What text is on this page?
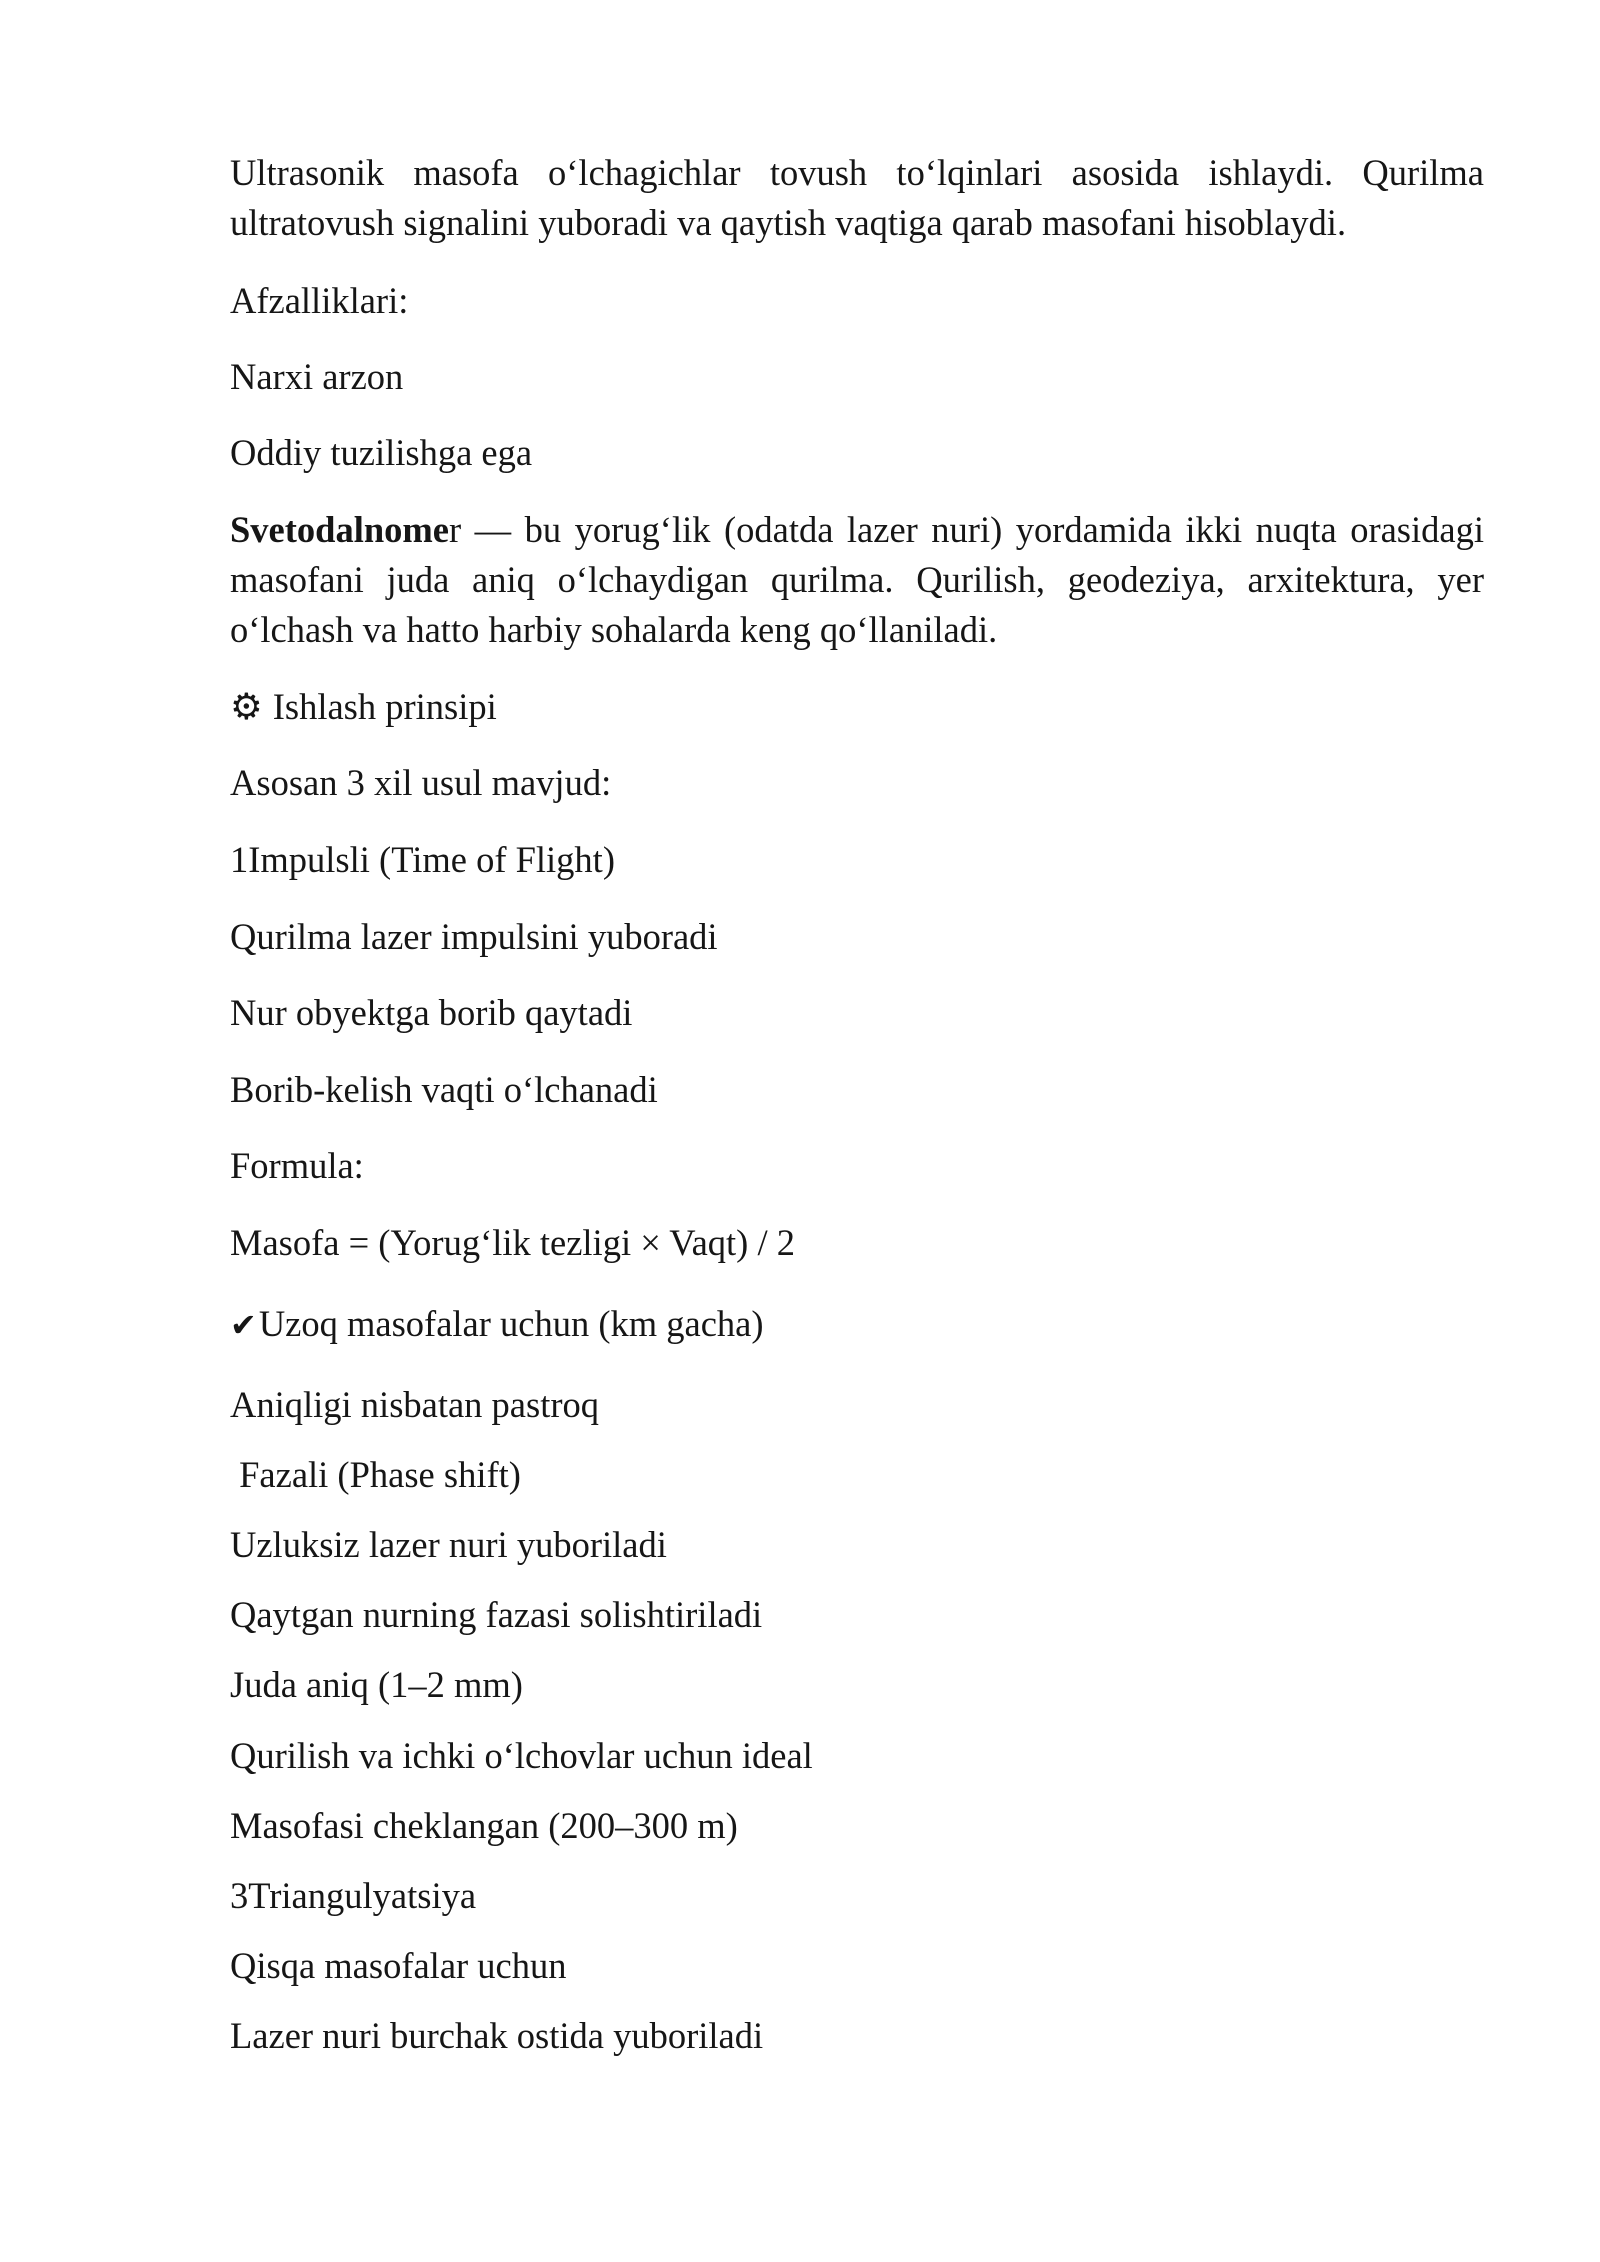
Ultrasonik masofa oʻlchagichlar tovush toʻlqinlari asosida ishlaydi. Qurilma ultratovush signalini yuboradi va qaytish vaqtiga qarab masofani hisoblaydi.

Afzalliklari:

Narxi arzon

Oddiy tuzilishga ega

Svetodalnomer — bu yorugʻlik (odatda lazer nuri) yordamida ikki nuqta orasidagi masofani juda aniq oʻlchaydigan qurilma. Qurilish, geodeziya, arxitektura, yer oʻlchash va hatto harbiy sohalarda keng qoʻllaniladi.

⚙ Ishlash prinsipi

Asosan 3 xil usul mavjud:

1Impulsli (Time of Flight)

Qurilma lazer impulsini yuboradi

Nur obyektga borib qaytadi

Borib-kelish vaqti oʻlchanadi

Formula:

Masofa = (Yorugʻlik tezligi × Vaqt) / 2

✔Uzoq masofalar uchun (km gacha)

Aniqligi nisbatan pastroq

Fazali (Phase shift)

Uzluksiz lazer nuri yuboriladi

Qaytgan nurning fazasi solishtiriladi

Juda aniq (1–2 mm)

Qurilish va ichki oʻlchovlar uchun ideal

Masofasi cheklangan (200–300 m)

3Triangulyatsiya

Qisqa masofalar uchun

Lazer nuri burchak ostida yuboriladi
